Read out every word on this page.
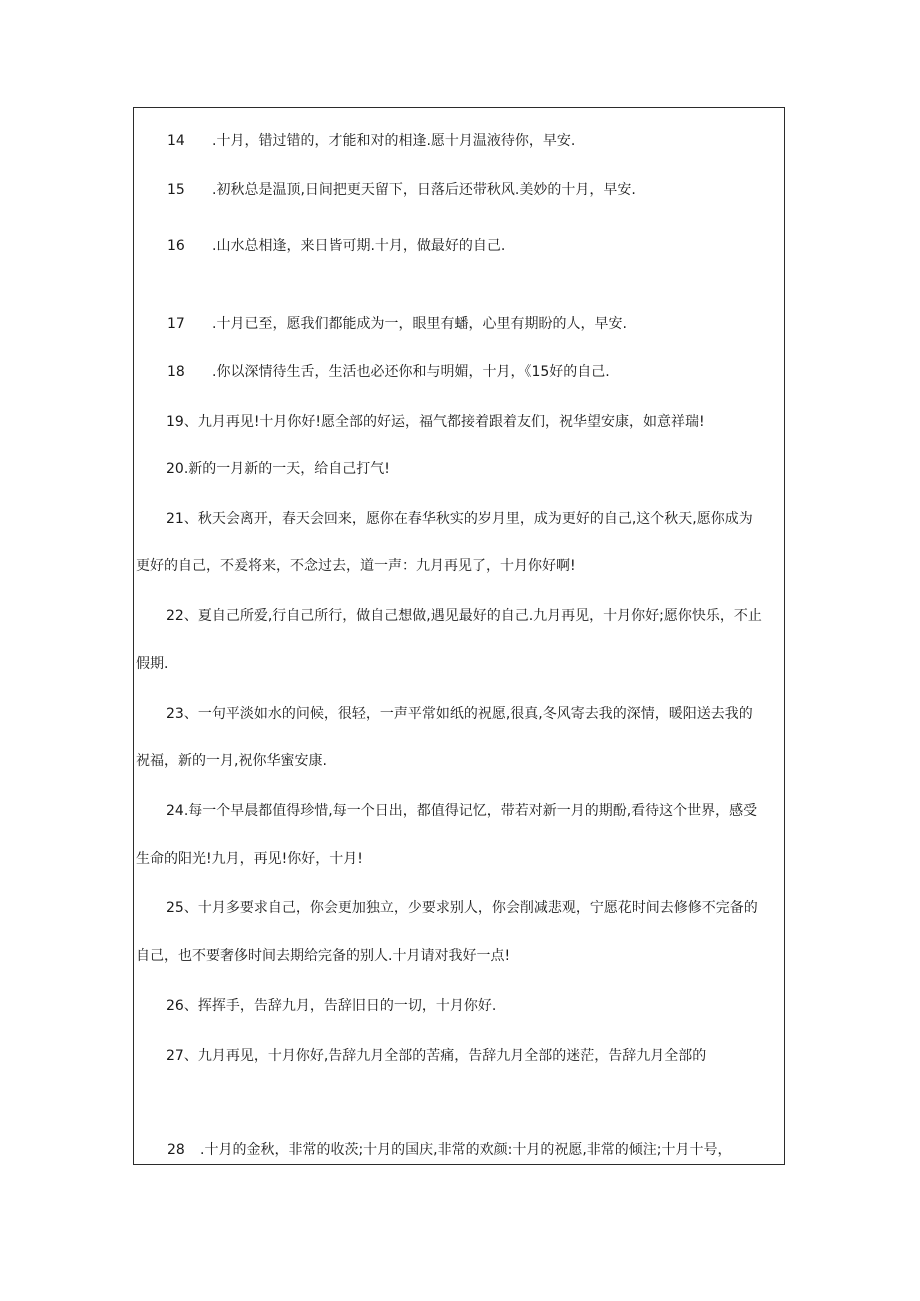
14 .十月，错过错的，才能和对的相逢.愿十月温液待你，早安.
15 .初秋总是温顶,日间把更天留下，日落后还带秋风.美妙的十月，早安.
16 .山水总相逢，来日皆可期.十月，做最好的自己.
17 .十月已至，愿我们都能成为一，眼里有蟠，心里有期盼的人，早安.
18 .你以深情待生舌，生活也必还你和与明媚，十月，《15好的自己.
19、九月再见!十月你好!愿全部的好运，福气都接着跟着友们，祝华望安康，如意祥瑞!
20.新的一月新的一天，给自己打气!
21、秋天会离开，春天会回来，愿你在春华秋实的岁月里，成为更好的自己,这个秋天,愿你成为
更好的自己，不爰将来，不念过去，道一声：九月再见了，十月你好啊!
22、夏自己所爱,行自己所行，做自己想做,遇见最好的自己.九月再见，十月你好;愿你快乐，不止
假期.
23、一句平淡如水的问候，很轻，一声平常如纸的祝愿,很真,冬风寄去我的深情，暖阳送去我的
祝福，新的一月,祝你华蜜安康.
24.每一个早晨都值得珍惜,每一个日出，都值得记忆，带若对新一月的期酚,看待这个世界，感受
生命的阳光!九月，再见!你好，十月!
25、十月多要求自己，你会更加独立，少要求别人，你会削减悲观，宁愿花时间去修修不完备的
自己，也不要奢侈时间去期给完备的别人.十月请对我好一点!
26、挥挥手，告辞九月，告辞旧日的一切，十月你好.
27、九月再见，十月你好,告辞九月全部的苦痛，告辞九月全部的迷茫，告辞九月全部的
28 .十月的金秋，非常的收茨;十月的国庆,非常的欢颜:十月的祝愿,非常的倾注;十月十号，
